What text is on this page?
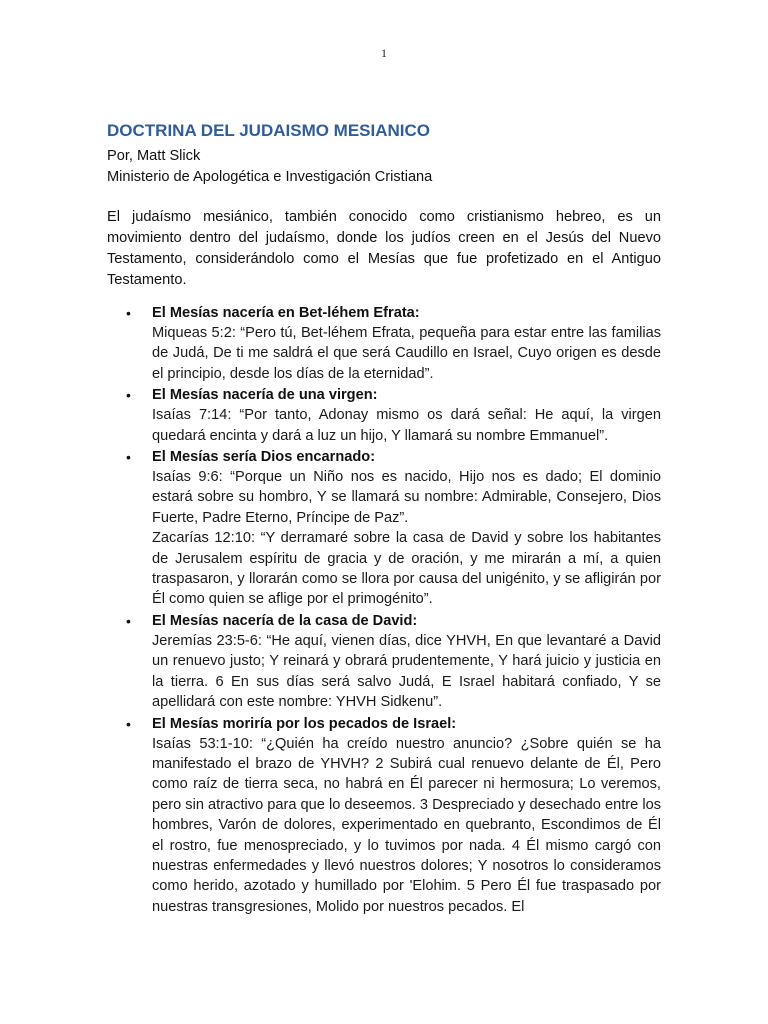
1
DOCTRINA DEL JUDAISMO MESIANICO

Por, Matt Slick

Ministerio de Apologética e Investigación Cristiana

El judaísmo mesiánico, también conocido como cristianismo hebreo, es un movimiento dentro del judaísmo, donde los judíos creen en el Jesús del Nuevo Testamento, considerándolo como el Mesías que fue profetizado en el Antiguo Testamento.
• El Mesías nacería en Bet-léhem Efrata:
Miqueas 5:2: “Pero tú, Bet-léhem Efrata, pequeña para estar entre las familias de Judá, De ti me saldrá el que será Caudillo en Israel, Cuyo origen es desde el principio, desde los días de la eternidad”.
• El Mesías nacería de una virgen:
Isaías 7:14: “Por tanto, Adonay mismo os dará señal: He aquí, la virgen quedará encinta y dará a luz un hijo, Y llamará su nombre Emmanuel”.
• El Mesías sería Dios encarnado:
Isaías 9:6: “Porque un Niño nos es nacido, Hijo nos es dado; El dominio estará sobre su hombro, Y se llamará su nombre: Admirable, Consejero, Dios Fuerte, Padre Eterno, Príncipe de Paz”.
Zacarías 12:10: “Y derramaré sobre la casa de David y sobre los habitantes de Jerusalem espíritu de gracia y de oración, y me mirarán a mí, a quien traspasaron, y llorarán como se llora por causa del unigénito, y se afligirán por Él como quien se aflige por el primogénito”.
• El Mesías nacería de la casa de David:
Jeremías 23:5-6: “He aquí, vienen días, dice YHVH, En que levantaré a David un renuevo justo; Y reinará y obrará prudentemente, Y hará juicio y justicia en la tierra. 6 En sus días será salvo Judá, E Israel habitará confiado, Y se apellidará con este nombre: YHVH Sidkenu”.
• El Mesías moriría por los pecados de Israel:
Isaías 53:1-10: “¿Quién ha creído nuestro anuncio? ¿Sobre quién se ha manifestado el brazo de YHVH? 2 Subirá cual renuevo delante de Él, Pero como raíz de tierra seca, no habrá en Él parecer ni hermosura; Lo veremos, pero sin atractivo para que lo deseemos. 3 Despreciado y desechado entre los hombres, Varón de dolores, experimentado en quebranto, Escondimos de Él el rostro, fue menospreciado, y lo tuvimos por nada. 4 Él mismo cargó con nuestras enfermedades y llevó nuestros dolores; Y nosotros lo consideramos como herido, azotado y humillado por 'Elohim. 5 Pero Él fue traspasado por nuestras transgresiones, Molido por nuestros pecados. El
